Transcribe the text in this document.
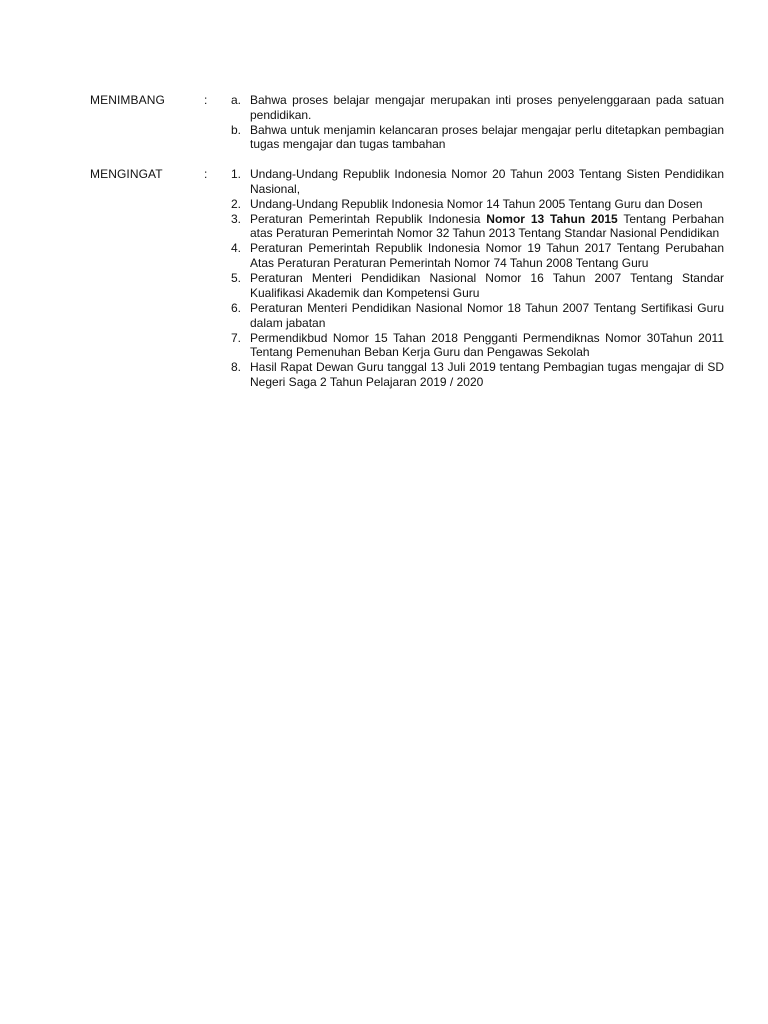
MENIMBANG	:	a. Bahwa proses belajar mengajar merupakan inti proses penyelenggaraan pada satuan pendidikan.
b. Bahwa untuk menjamin kelancaran proses belajar mengajar perlu ditetapkan pembagian tugas mengajar dan tugas tambahan
MENGINGAT	:	1. Undang-Undang Republik Indonesia Nomor 20 Tahun 2003 Tentang Sisten Pendidikan Nasional,
2. Undang-Undang Republik Indonesia Nomor 14 Tahun 2005 Tentang Guru dan Dosen
3. Peraturan Pemerintah Republik Indonesia Nomor 13 Tahun 2015 Tentang Perbahan atas Peraturan Pemerintah Nomor 32 Tahun 2013 Tentang Standar Nasional Pendidikan
4. Peraturan Pemerintah Republik Indonesia Nomor 19 Tahun 2017 Tentang Perubahan Atas Peraturan Peraturan Pemerintah Nomor 74 Tahun 2008 Tentang Guru
5. Peraturan Menteri Pendidikan Nasional Nomor 16 Tahun 2007 Tentang Standar Kualifikasi Akademik dan Kompetensi Guru
6. Peraturan Menteri Pendidikan Nasional Nomor 18 Tahun 2007 Tentang Sertifikasi Guru dalam jabatan
7. Permendikbud Nomor 15 Tahan 2018 Pengganti Permendiknas Nomor 30Tahun 2011 Tentang Pemenuhan Beban Kerja Guru dan Pengawas Sekolah
8. Hasil Rapat Dewan Guru tanggal 13 Juli 2019 tentang Pembagian tugas mengajar di SD Negeri Saga 2 Tahun Pelajaran 2019 / 2020
